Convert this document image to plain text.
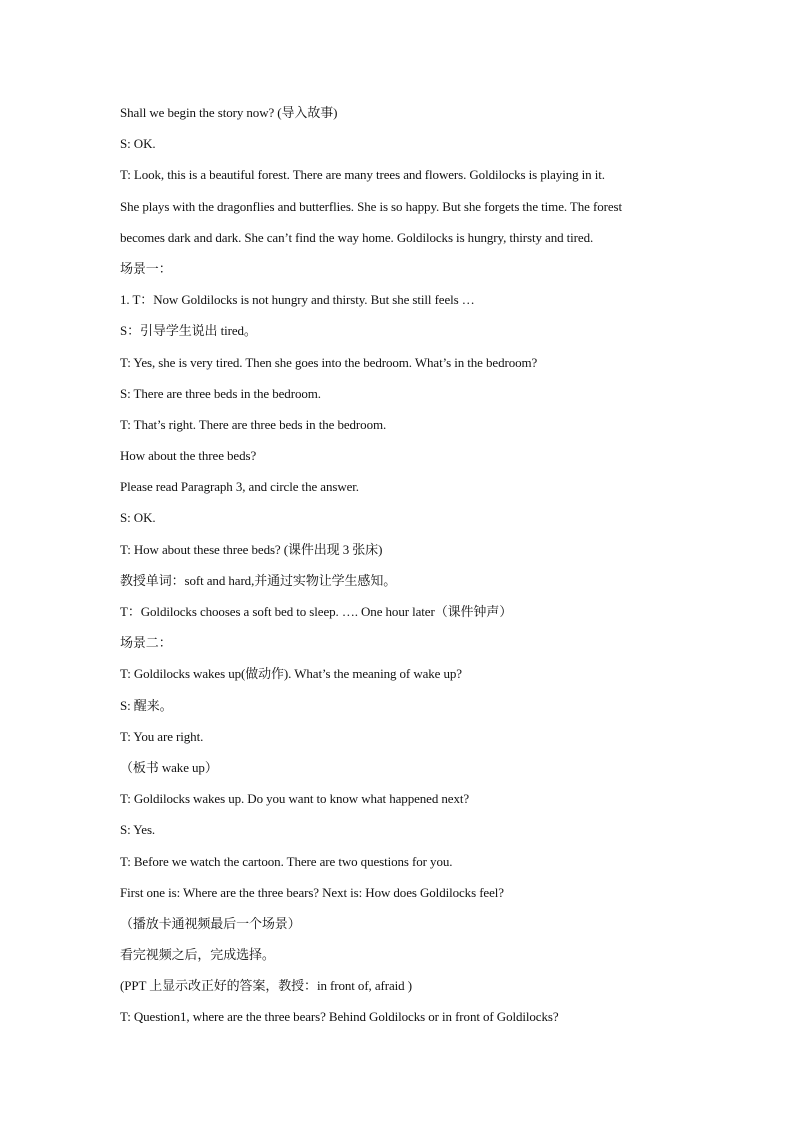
Shall we begin the story now? (导入故事)
S: OK.
T: Look, this is a beautiful forest. There are many trees and flowers. Goldilocks is playing in it.
She plays with the dragonflies and butterflies. She is so happy. But she forgets the time. The forest
becomes dark and dark. She can’t find the way home. Goldilocks is hungry, thirsty and tired.
场景一：
1. T：Now Goldilocks is not hungry and thirsty. But she still feels …
S：引导学生说出 tired。
T: Yes, she is very tired. Then she goes into the bedroom. What’s in the bedroom?
S: There are three beds in the bedroom.
T: That’s right. There are three beds in the bedroom.
How about the three beds?
Please read Paragraph 3, and circle the answer.
S: OK.
T: How about these three beds? (课件出现 3 张床)
教授单词：soft and hard,并通过实物让学生感知。
T：Goldilocks chooses a soft bed to sleep. …. One hour later（课件钟声）
场景二：
T: Goldilocks wakes up(做动作). What’s the meaning of wake up?
S: 醒来。
T: You are right.
（板书 wake up）
T: Goldilocks wakes up. Do you want to know what happened next?
S: Yes.
T: Before we watch the cartoon. There are two questions for you.
First one is: Where are the three bears? Next is: How does Goldilocks feel?
（播放卡通视频最后一个场景）
看完视频之后，完成选择。
(PPT 上显示改正好的答案，教授：in front of, afraid )
T: Question1, where are the three bears? Behind Goldilocks or in front of Goldilocks?
